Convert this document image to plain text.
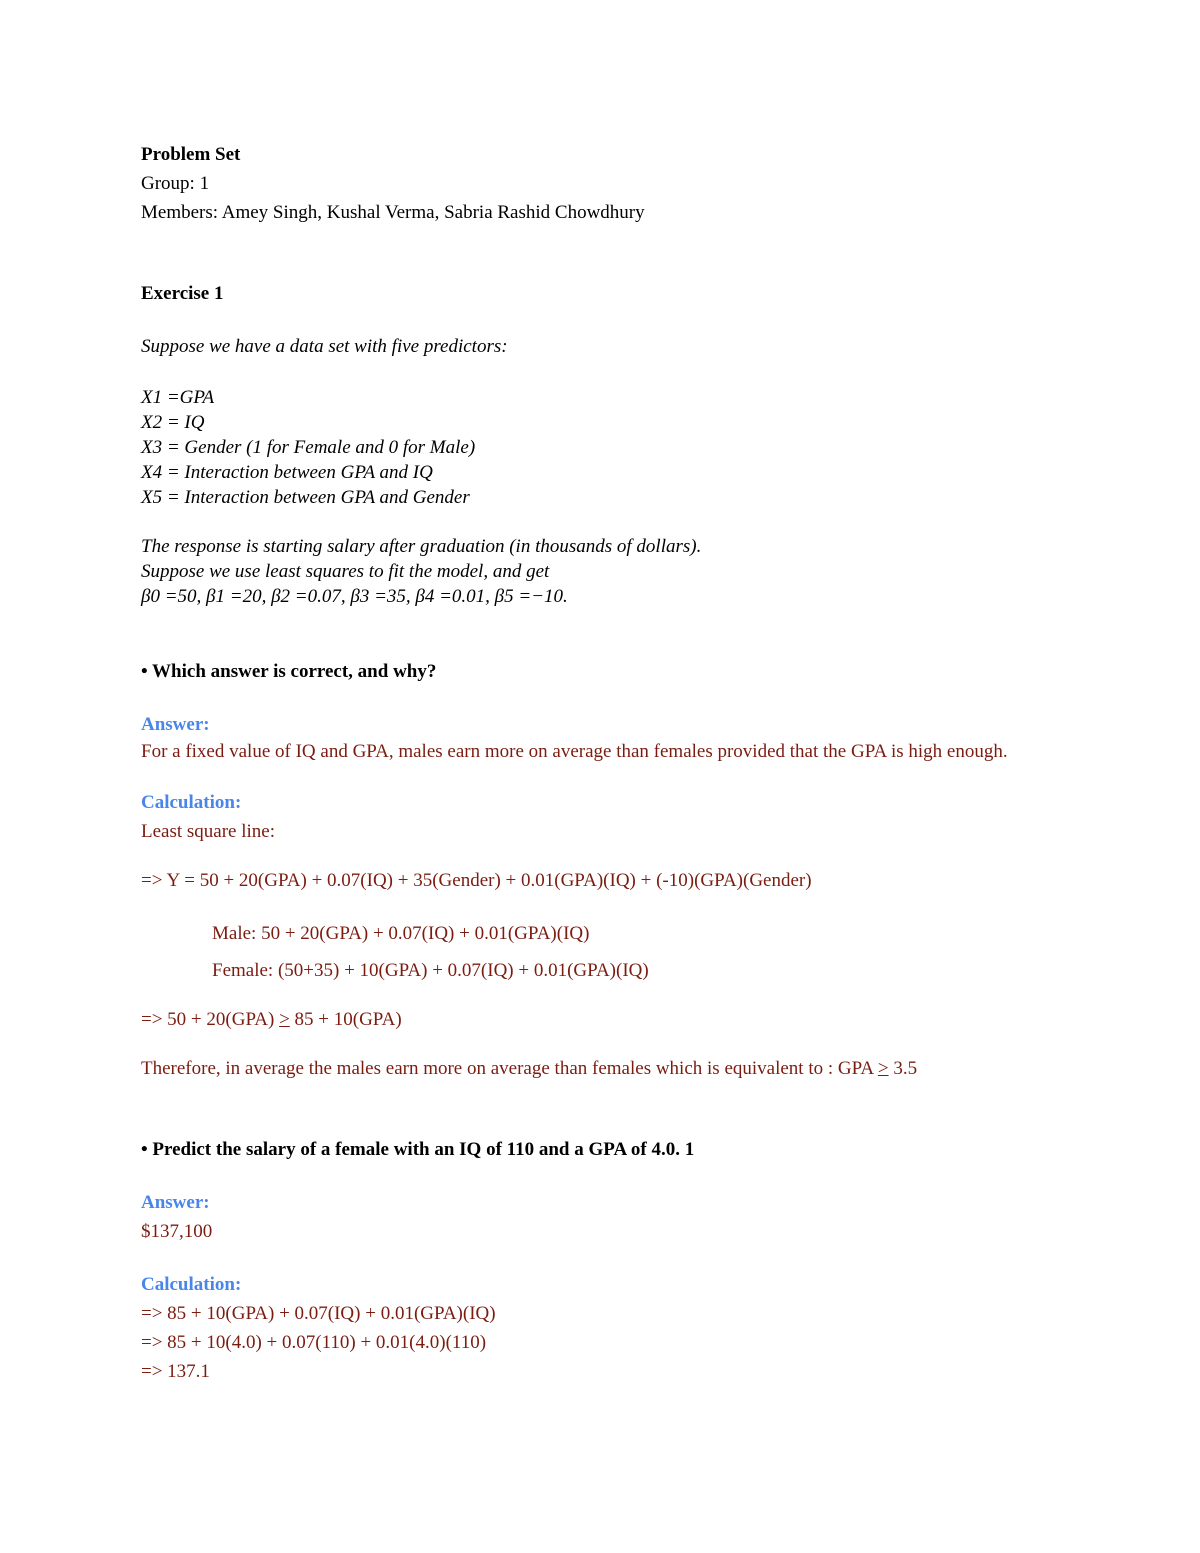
Problem Set
Group: 1
Members: Amey Singh, Kushal Verma, Sabria Rashid Chowdhury
Exercise 1
Suppose we have a data set with five predictors:
X1 =GPA
X2 = IQ
X3 = Gender (1 for Female and 0 for Male)
X4 = Interaction between GPA and IQ
X5 = Interaction between GPA and Gender
The response is starting salary after graduation (in thousands of dollars).
Suppose we use least squares to fit the model, and get
β0 =50, β1 =20, β2 =0.07, β3 =35, β4 =0.01, β5 =−10.
• Which answer is correct, and why?
Answer:
For a fixed value of IQ and GPA, males earn more on average than females provided that the GPA is high enough.
Calculation:
Least square line:
=> Y = 50 + 20(GPA) + 0.07(IQ) + 35(Gender) + 0.01(GPA)(IQ) + (-10)(GPA)(Gender)
Male: 50 + 20(GPA) + 0.07(IQ) + 0.01(GPA)(IQ)
Female: (50+35) + 10(GPA) + 0.07(IQ) + 0.01(GPA)(IQ)
=> 50 + 20(GPA) ≥ 85 + 10(GPA)
Therefore, in average the males earn more on average than females which is equivalent to : GPA ≥ 3.5
• Predict the salary of a female with an IQ of 110 and a GPA of 4.0. 1
Answer:
$137,100
Calculation:
=> 85 + 10(GPA) + 0.07(IQ) + 0.01(GPA)(IQ)
=> 85 + 10(4.0) + 0.07(110) + 0.01(4.0)(110)
=> 137.1
